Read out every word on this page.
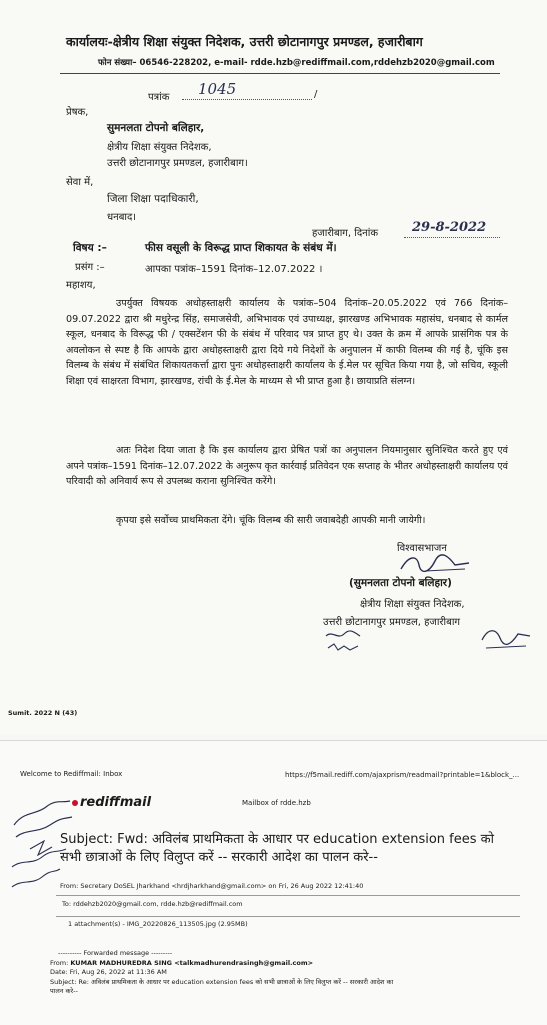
कार्यालयः-क्षेत्रीय शिक्षा संयुक्त निदेशक, उत्तरी छोटानागपुर प्रमण्डल, हजारीबाग
फोन संख्या– 06546-228202, e-mail- rdde.hzb@rediffmail.com,rddehzb2020@gmail.com
पत्रांक 1045	/
प्रेषक,
सुमनलता टोपनो बलिहार,
क्षेत्रीय शिक्षा संयुक्त निदेशक,
उत्तरी छोटानागपुर प्रमण्डल, हजारीबाग।
सेवा में,
जिला शिक्षा पदाधिकारी,
धनबाद।
हजारीबाग, दिनांक	29-8-2022
विषय :–	फीस वसूली के विरूद्ध प्राप्त शिकायत के संबंध में।
प्रसंग :–	आपका पत्रांक–1591 दिनांक–12.07.2022 ।
महाशय,
उपर्युक्त विषयक अधोहस्ताक्षरी कार्यालय के पत्रांक–504 दिनांक–20.05.2022 एवं 766 दिनांक–09.07.2022 द्वारा श्री मधुरेन्द्र सिंह, समाजसेवी, अभिभावक एवं उपाध्यक्ष, झारखण्ड अभिभावक महासंघ, धनबाद से कार्मल स्कूल, धनबाद के विरूद्ध फी / एक्सटेंशन फी के संबंध में परिवाद पत्र प्राप्त हुए थे। उक्त के क्रम में आपके प्रासंगिक पत्र के अवलोकन से स्पष्ट है कि आपके द्वारा अधोहस्ताक्षरी द्वारा दिये गये निदेशों के अनुपालन में काफी विलम्ब की गई है, चूंकि इस विलम्ब के संबंध में संबंधित शिकायतकर्त्ता द्वारा पुनः अधोहस्ताक्षरी कार्यालय के ई.मेल पर सूचित किया गया है, जो सचिव, स्कूली शिक्षा एवं साक्षरता विभाग, झारखण्ड, रांची के ई.मेल के माध्यम से भी प्राप्त हुआ है। छायाप्रति संलग्न।
अतः निदेश दिया जाता है कि इस कार्यालय द्वारा प्रेषित पत्रों का अनुपालन नियमानुसार सुनिश्चित करते हुए एवं अपने पत्रांक–1591 दिनांक–12.07.2022 के अनुरूप कृत कार्रवाई प्रतिवेदन एक सप्ताह के भीतर अधोहस्ताक्षरी कार्यालय एवं परिवादी को अनिवार्य रूप से उपलब्ध कराना सुनिश्चित करेंगे।
कृपया इसे सर्वोच्च प्राथमिकता देंगे। चूंकि विलम्ब की सारी जवाबदेही आपकी मानी जायेगी।
विश्वासभाजन
(सुमनलता टोपनो बलिहार)
क्षेत्रीय शिक्षा संयुक्त निदेशक,
उत्तरी छोटानागपुर प्रमण्डल, हजारीबाग
Sumit. 2022 N (43)
Welcome to Rediffmail: Inbox	https://f5mail.rediff.com/ajaxprism/readmail?printable=1&block_...
rediffmail	Mailbox of rdde.hzb
Subject: Fwd: अविलंब प्राथमिकता के आधार पर education extension fees को
सभी छात्राओं के लिए विलुप्त करें -- सरकारी आदेश का पालन करे--
From: Secretary DoSEL Jharkhand <hrdjharkhand@gmail.com> on Fri, 26 Aug 2022 12:41:40
To: rddehzb2020@gmail.com, rdde.hzb@rediffmail.com
1 attachment(s) - IMG_20220826_113505.jpg (2.95MB)
---------- Forwarded message ---------
From: KUMAR MADHUREDRA SING <talkmadhurendrasingh@gmail.com>
Date: Fri, Aug 26, 2022 at 11:36 AM
Subject: Re: अविलंब प्राथमिकता के आधार पर education extension fees को सभी छात्राओं के लिए विलुप्त करें -- सरकारी आदेश का
पालन करे--
